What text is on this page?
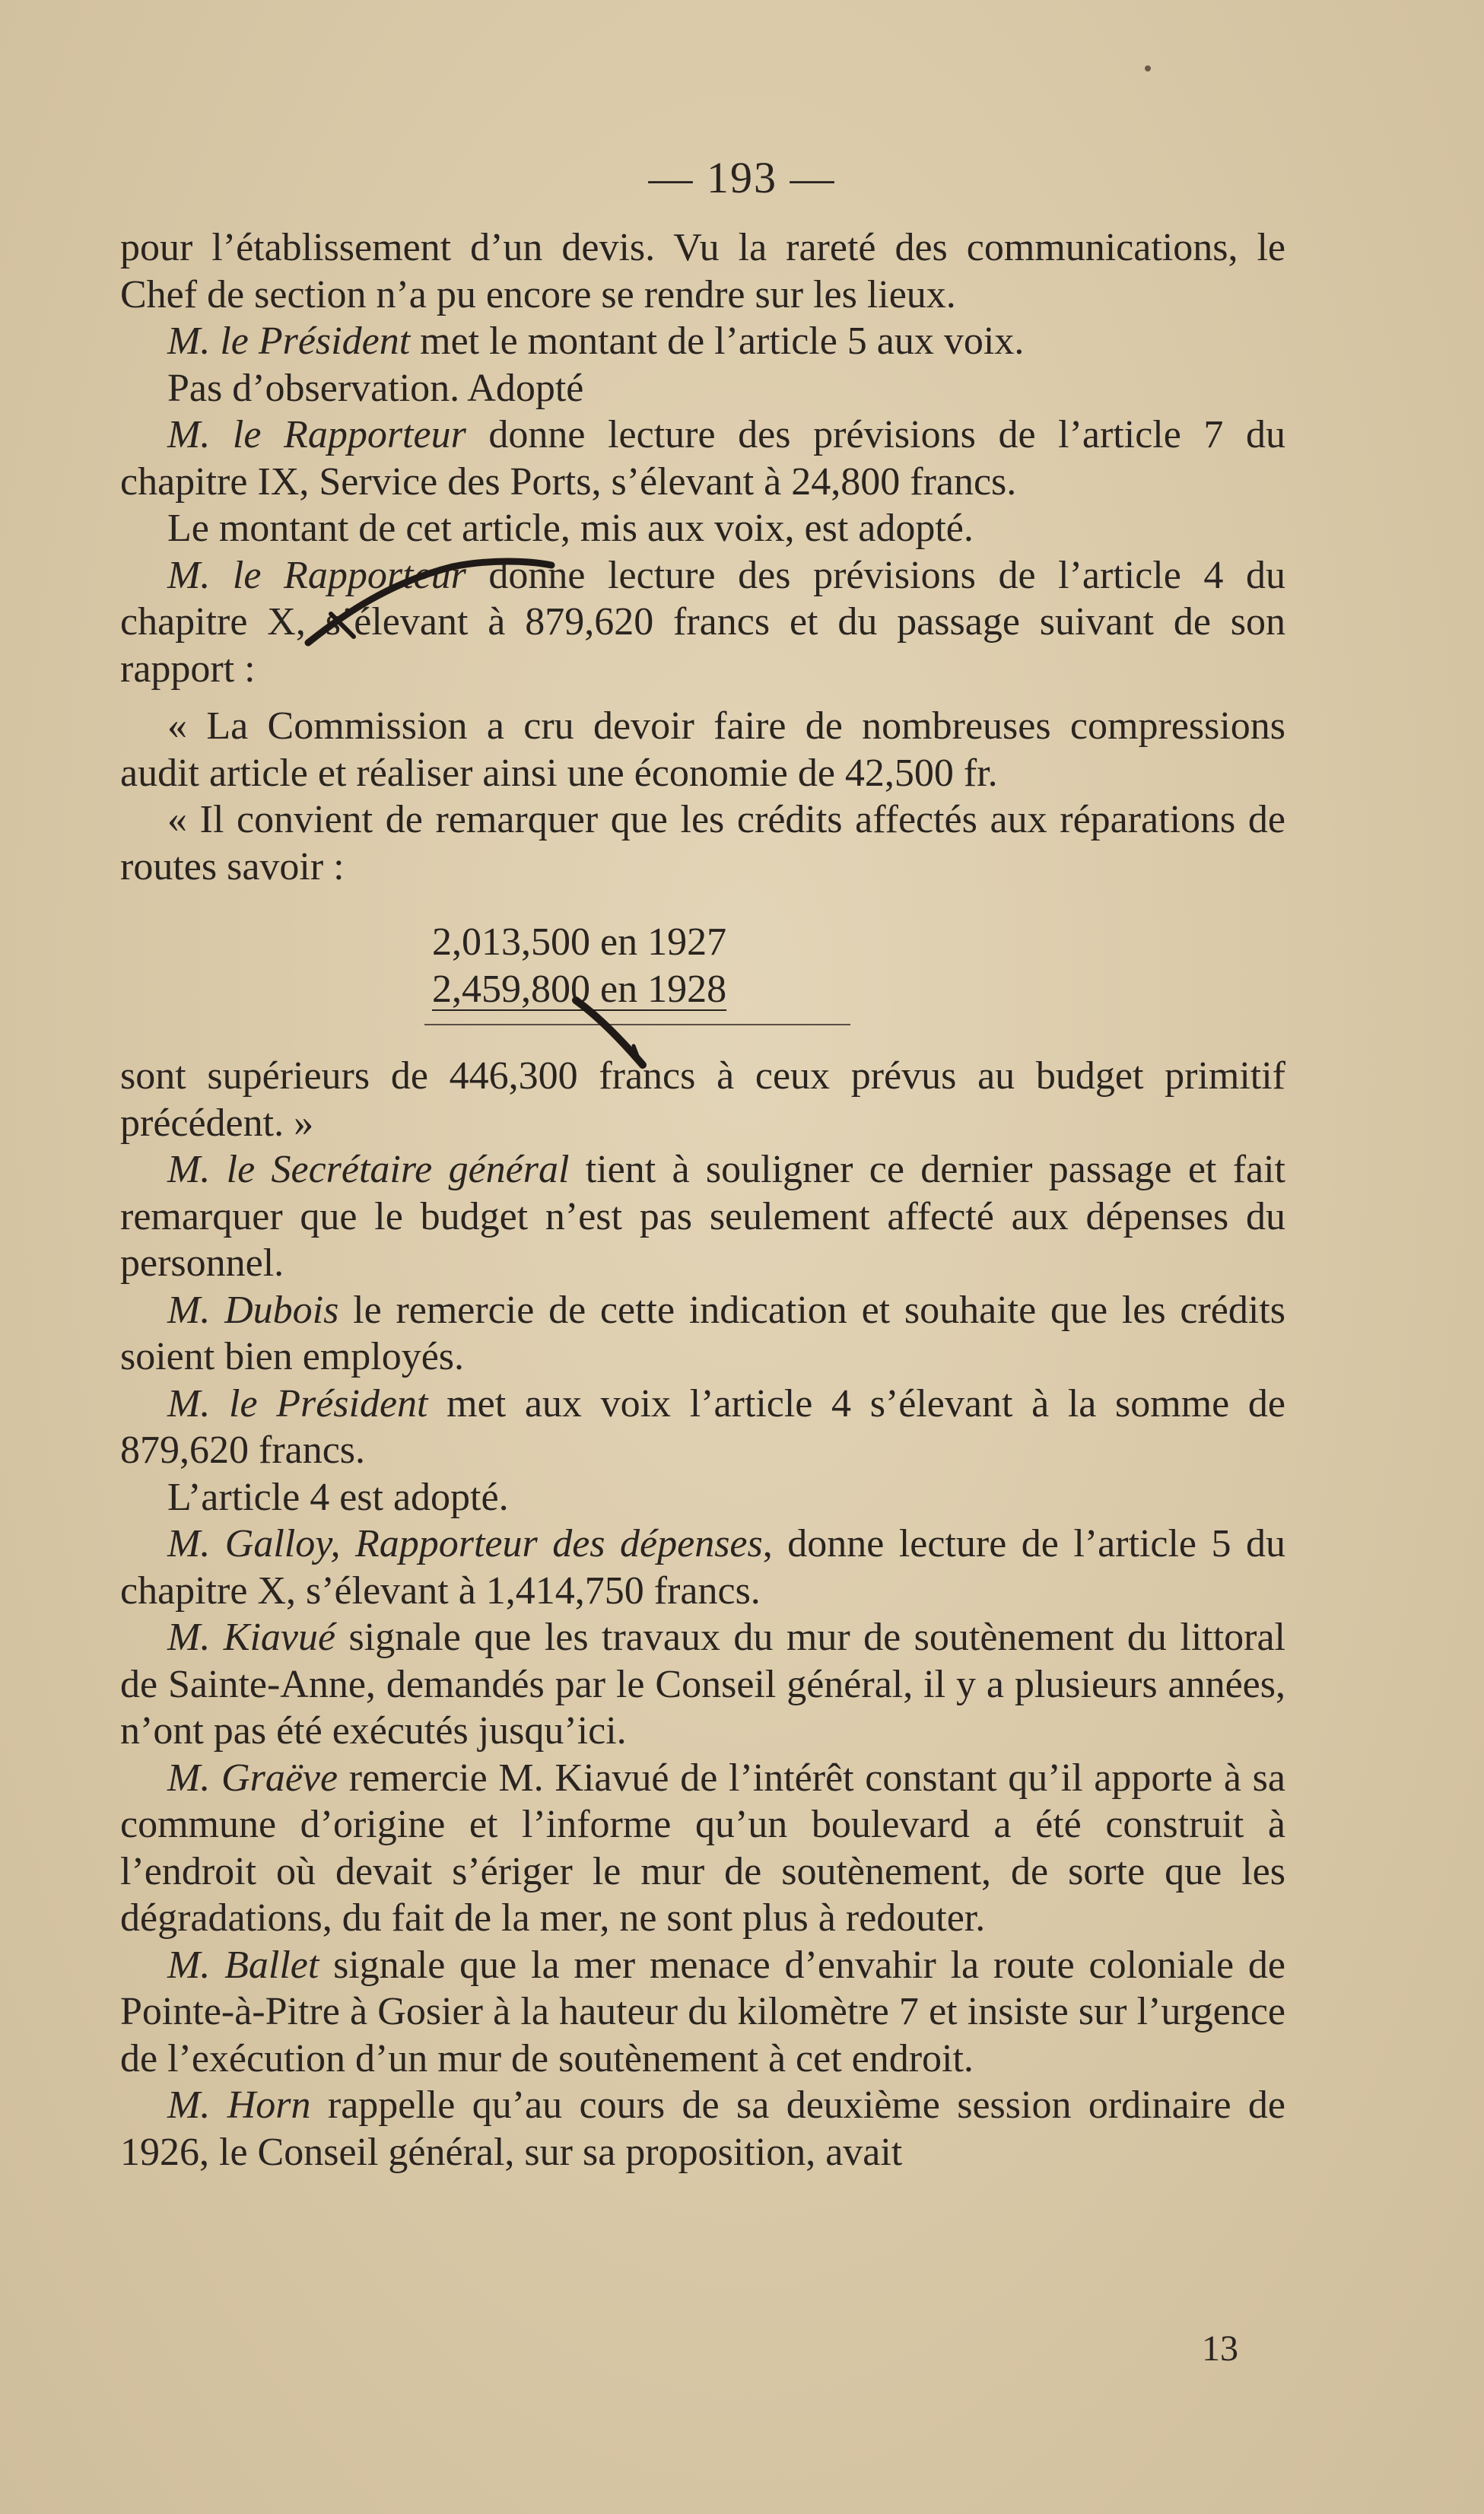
— 193 —

pour l’établissement d’un devis. Vu la rareté des communications, le Chef de section n’a pu encore se rendre sur les lieux.

M. le Président met le montant de l’article 5 aux voix.

Pas d’observation. Adopté

M. le Rapporteur donne lecture des prévisions de l’article 7 du chapitre IX, Service des Ports, s’élevant à 24,800 francs.

Le montant de cet article, mis aux voix, est adopté.

M. le Rapporteur donne lecture des prévisions de l’article 4 du chapitre X, s’élevant à 879,620 francs et du passage suivant de son rapport :

« La Commission a cru devoir faire de nombreuses compressions audit article et réaliser ainsi une économie de 42,500 fr.

« Il convient de remarquer que les crédits affectés aux réparations de routes savoir :

2,013,500 en 1927
2,459,800 en 1928

sont supérieurs de 446,300 francs à ceux prévus au budget primitif précédent. »

M. le Secrétaire général tient à souligner ce dernier passage et fait remarquer que le budget n’est pas seulement affecté aux dépenses du personnel.

M. Dubois le remercie de cette indication et souhaite que les crédits soient bien employés.

M. le Président met aux voix l’article 4 s’élevant à la somme de 879,620 francs.

L’article 4 est adopté.

M. Galloy, Rapporteur des dépenses, donne lecture de l’article 5 du chapitre X, s’élevant à 1,414,750 francs.

M. Kiavué signale que les travaux du mur de soutènement du littoral de Sainte-Anne, demandés par le Conseil général, il y a plusieurs années, n’ont pas été exécutés jusqu’ici.

M. Graëve remercie M. Kiavué de l’intérêt constant qu’il apporte à sa commune d’origine et l’informe qu’un boulevard a été construit à l’endroit où devait s’ériger le mur de soutènement, de sorte que les dégradations, du fait de la mer, ne sont plus à redouter.

M. Ballet signale que la mer menace d’envahir la route coloniale de Pointe-à-Pitre à Gosier à la hauteur du kilomètre 7 et insiste sur l’urgence de l’exécution d’un mur de soutènement à cet endroit.

M. Horn rappelle qu’au cours de sa deuxième session ordinaire de 1926, le Conseil général, sur sa proposition, avait

13
